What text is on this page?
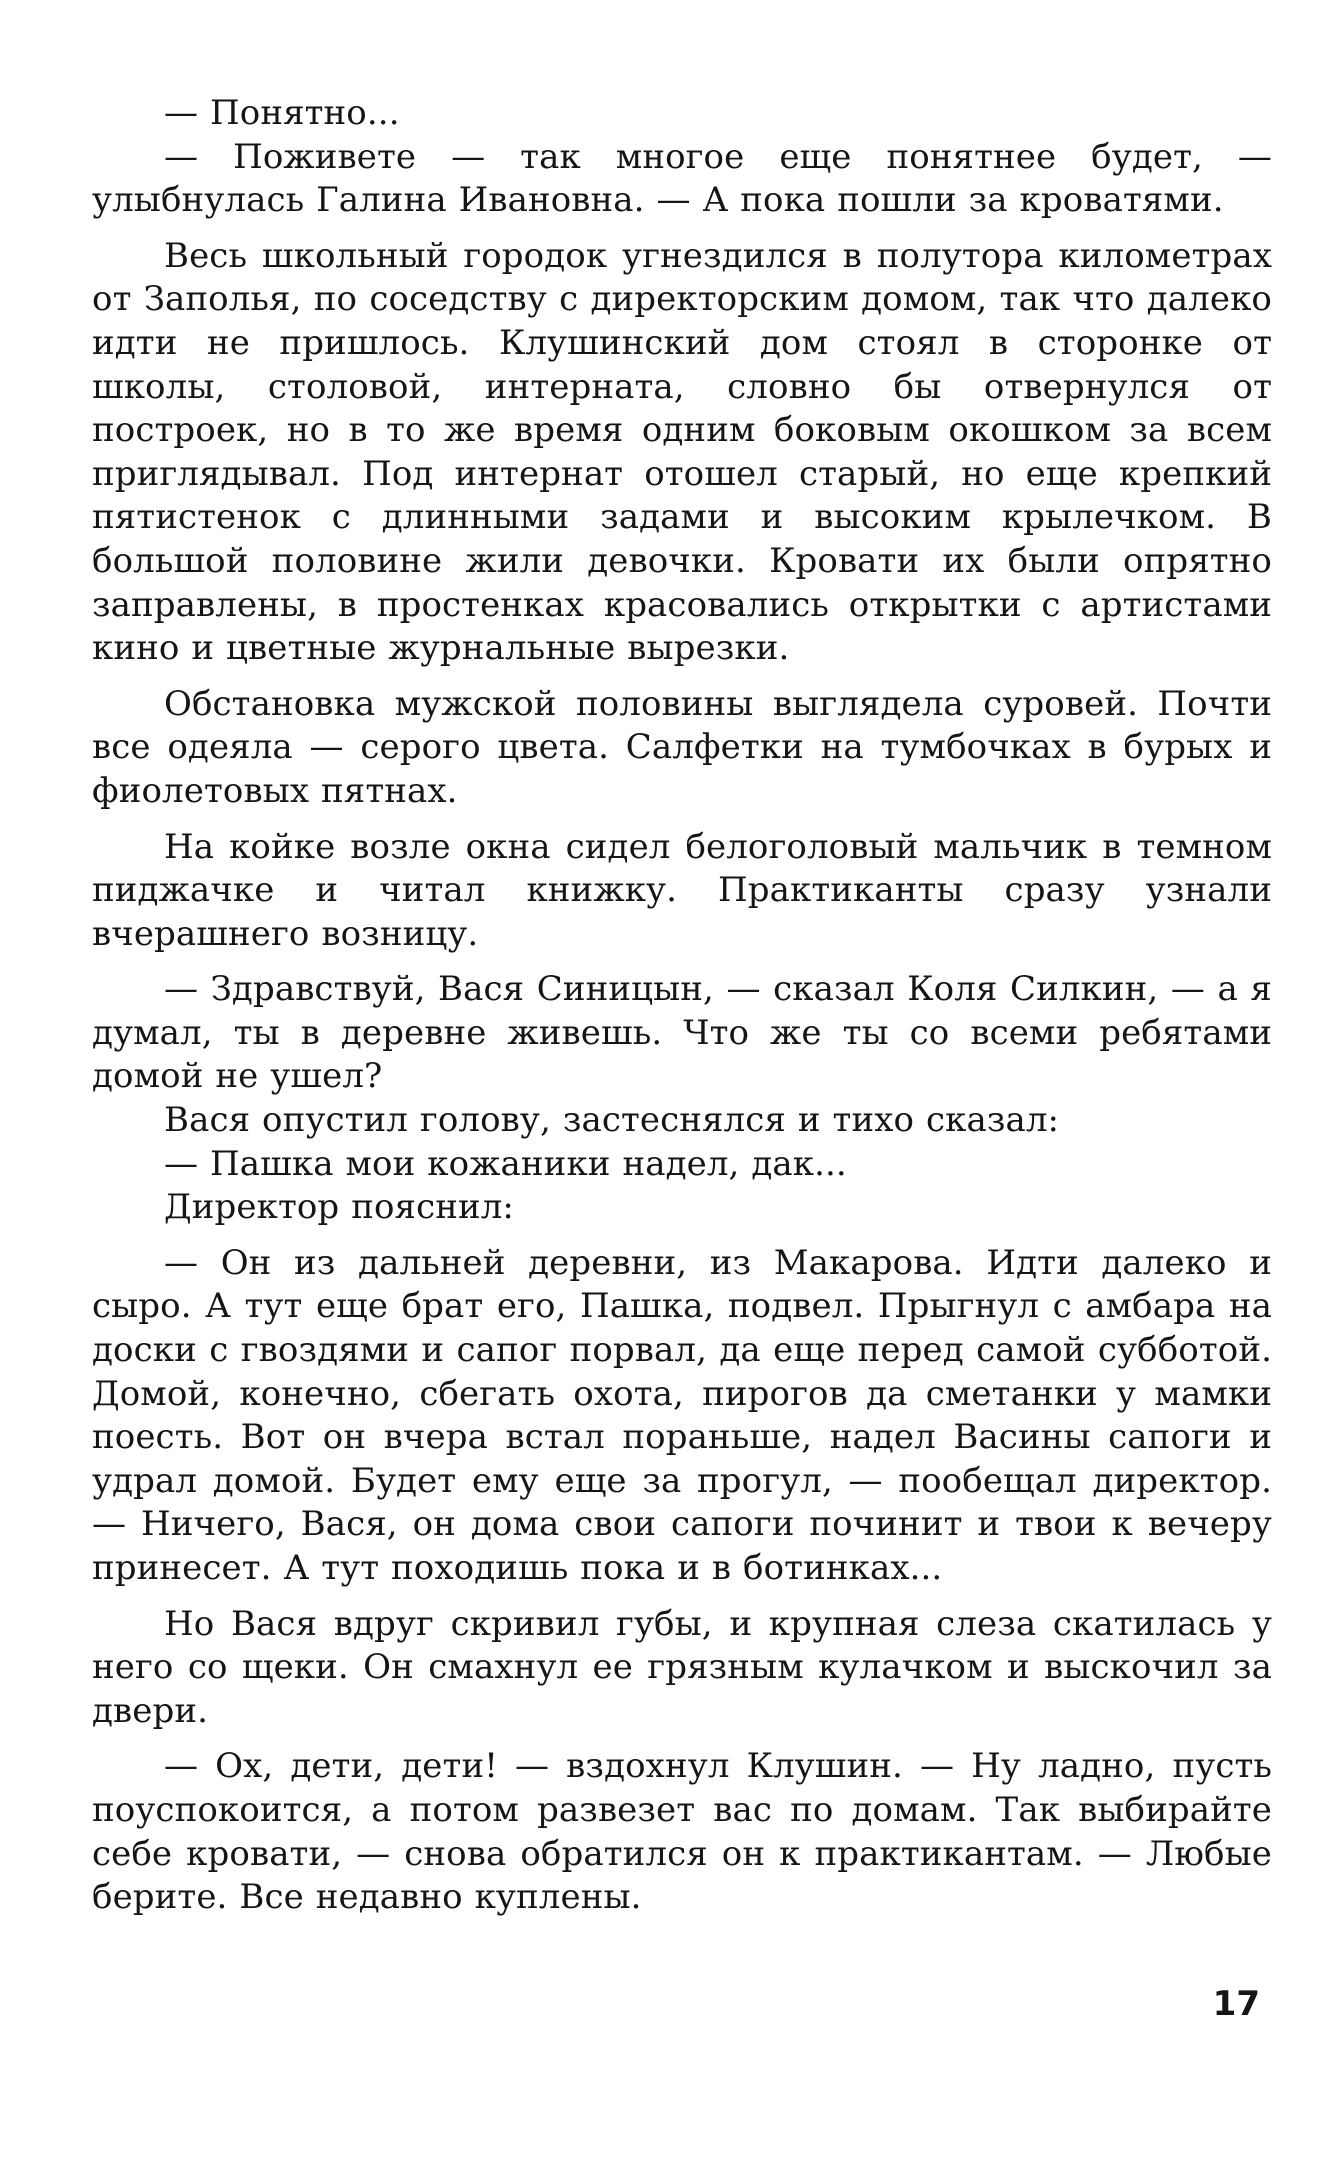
— Понятно...

— Поживете — так многое еще понятнее будет, — улыбнулась Галина Ивановна. — А пока пошли за кроватями.

Весь школьный городок угнездился в полутора километрах от Заполья, по соседству с директорским домом, так что далеко идти не пришлось. Клушинский дом стоял в сторонке от школы, столовой, интерната, словно бы отвернулся от построек, но в то же время одним боковым окошком за всем приглядывал. Под интернат отошел старый, но еще крепкий пятистенок с длинными задами и высоким крылечком. В большой половине жили девочки. Кровати их были опрятно заправлены, в простенках красовались открытки с артистами кино и цветные журнальные вырезки.

Обстановка мужской половины выглядела суровей. Почти все одеяла — серого цвета. Салфетки на тумбочках в бурых и фиолетовых пятнах.

На койке возле окна сидел белоголовый мальчик в темном пиджачке и читал книжку. Практиканты сразу узнали вчерашнего возницу.

— Здравствуй, Вася Синицын, — сказал Коля Силкин, — а я думал, ты в деревне живешь. Что же ты со всеми ребятами домой не ушел?

Вася опустил голову, застеснялся и тихо сказал:

— Пашка мои кожаники надел, дак...

Директор пояснил:

— Он из дальней деревни, из Макарова. Идти далеко и сыро. А тут еще брат его, Пашка, подвел. Прыгнул с амбара на доски с гвоздями и сапог порвал, да еще перед самой субботой. Домой, конечно, сбегать охота, пирогов да сметанки у мамки поесть. Вот он вчера встал пораньше, надел Васины сапоги и удрал домой. Будет ему еще за прогул, — пообещал директор. — Ничего, Вася, он дома свои сапоги починит и твои к вечеру принесет. А тут походишь пока и в ботинках...

Но Вася вдруг скривил губы, и крупная слеза скатилась у него со щеки. Он смахнул ее грязным кулачком и выскочил за двери.

— Ох, дети, дети! — вздохнул Клушин. — Ну ладно, пусть поуспокоится, а потом развезет вас по домам. Так выбирайте себе кровати, — снова обратился он к практикантам. — Любые берите. Все недавно куплены.

17
